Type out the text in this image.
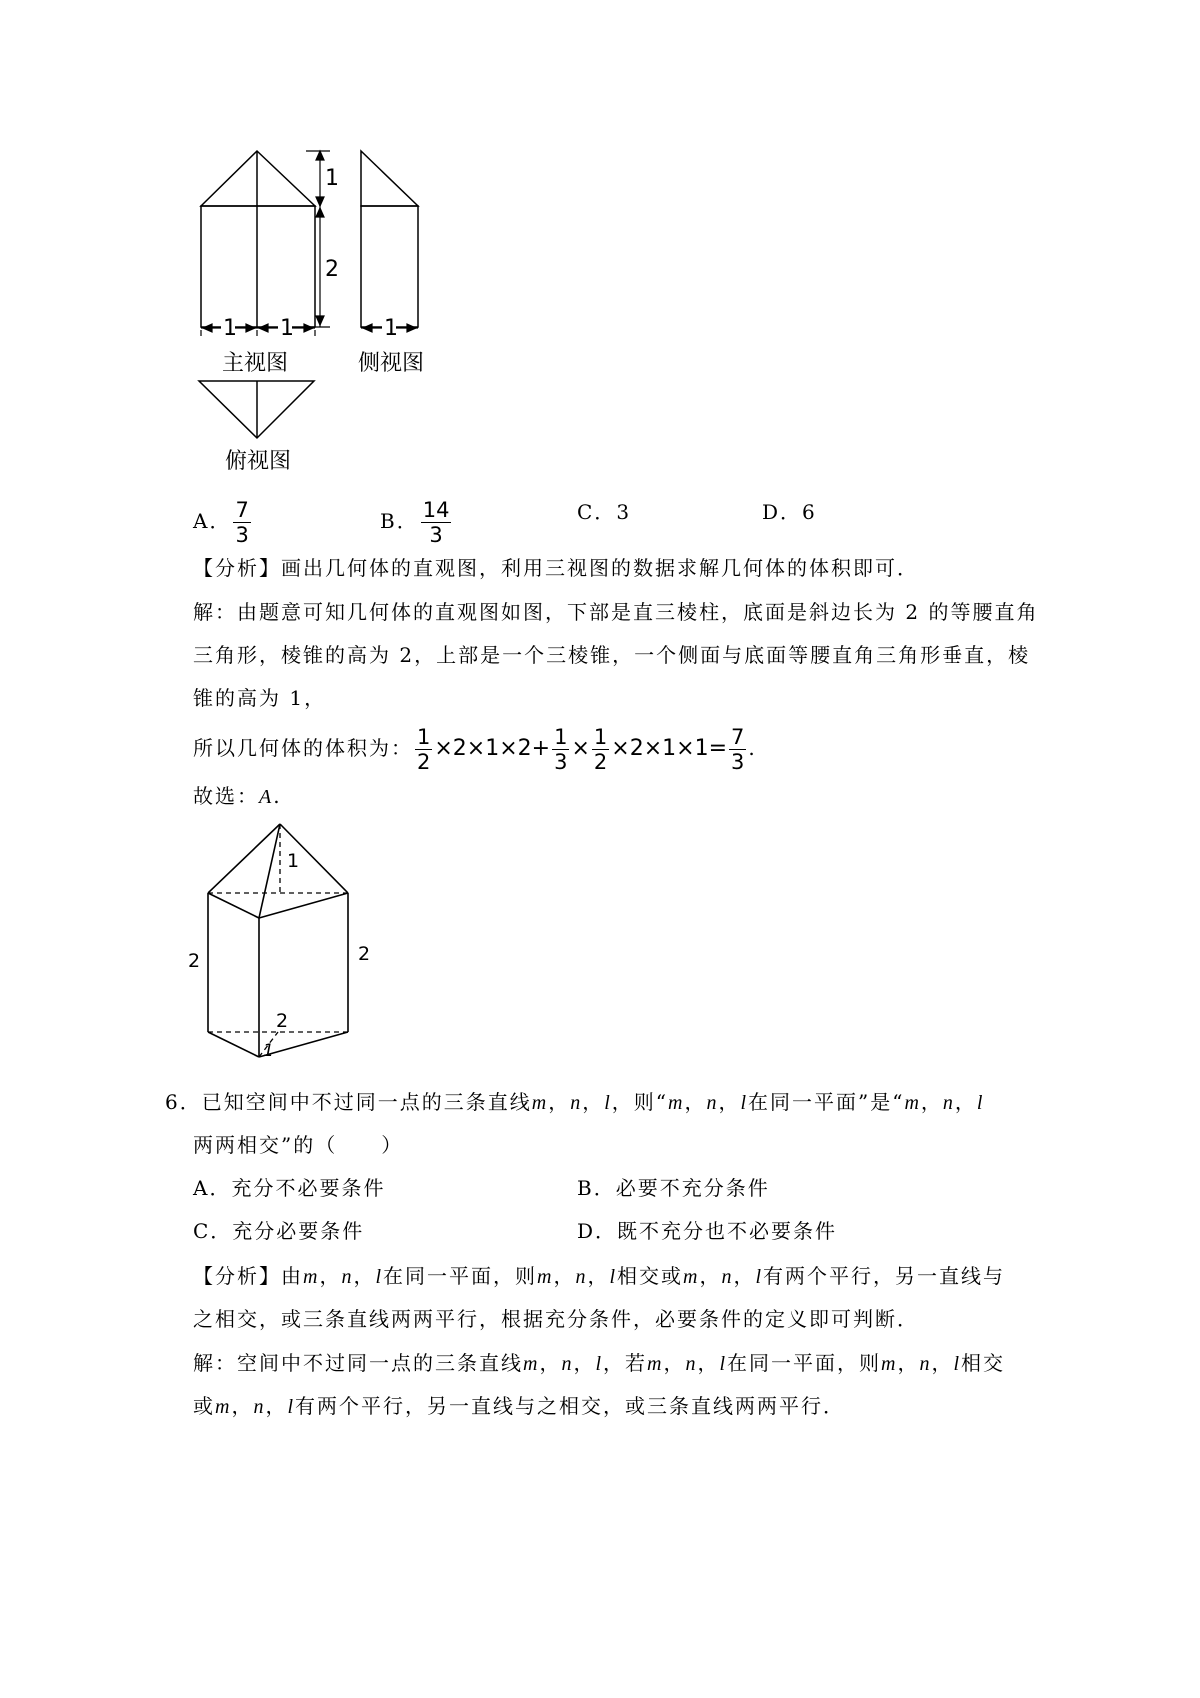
1
2
1 1	1
主视图	侧视图
俯视图
A． $\frac{7}{3}$	B． $\frac{14}{3}$	C．3	D．6
【分析】画出几何体的直观图，利用三视图的数据求解几何体的体积即可．
解：由题意可知几何体的直观图如图，下部是直三棱柱，底面是斜边长为 2 的等腰直角
三角形，棱锥的高为 2，上部是一个三棱锥，一个侧面与底面等腰直角三角形垂直，棱
锥的高为 1，
所以几何体的体积为： $\frac{1}{2} \times 2\times 1\times 2+ \frac{1}{3} \times \frac{1}{2} \times 2\times 1\times 1= \frac{7}{3}$ .
故选：A.
1
2	2
2
1
6．已知空间中不过同一点的三条直线m，n，l，则“m，n，l在同一平面”是“m，n，l
两两相交”的（　　）
A．充分不必要条件	B．必要不充分条件
C．充分必要条件	D．既不充分也不必要条件
【分析】由m，n，l在同一平面，则m，n，l相交或m，n，l有两个平行，另一直线与
之相交，或三条直线两两平行，根据充分条件，必要条件的定义即可判断．
解：空间中不过同一点的三条直线m，n，l，若m，n，l在同一平面，则m，n，l相交
或m，n，l有两个平行，另一直线与之相交，或三条直线两两平行．
